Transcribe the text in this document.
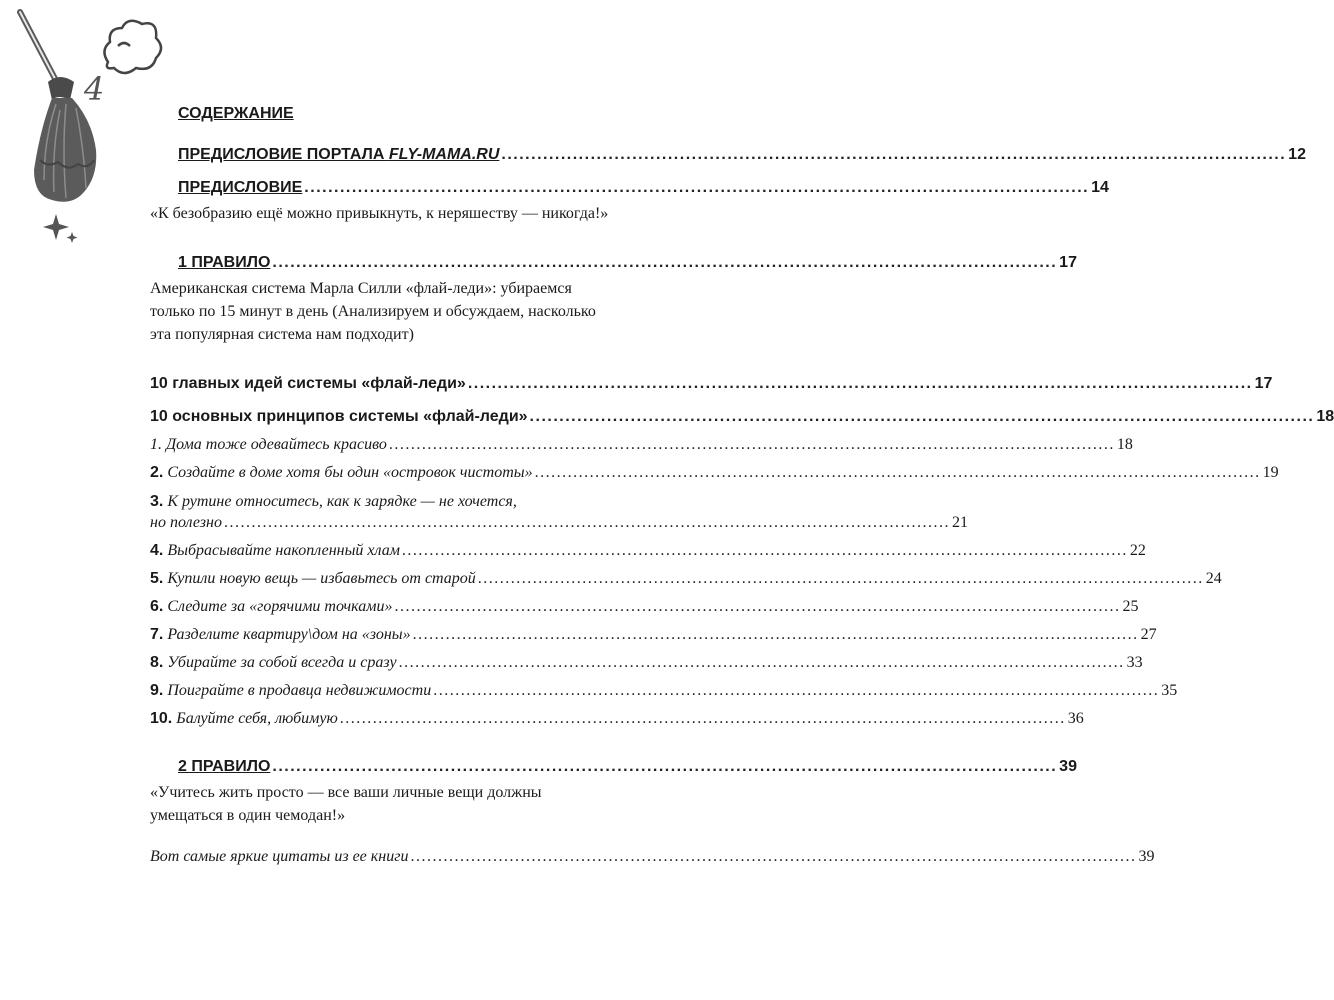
4
СОДЕРЖАНИЕ
ПРЕДИСЛОВИЕ ПОРТАЛА FLY-MAMA.RU .................................................................................................................................... 12
ПРЕДИСЛОВИЕ .................................................................................................................................... 14
«К безобразию ещё можно привыкнуть, к неряшеству — никогда!»
1 ПРАВИЛО .................................................................................................................................... 17
Американская система Марла Силли «флай-леди»: убираемся только по 15 минут в день (Анализируем и обсуждаем, насколько эта популярная система нам подходит)
10 главных идей системы «флай-леди» .................................................................................................................................... 17
10 основных принципов системы «флай-леди» .................................................................................................................................... 18
1. Дома тоже одевайтесь красиво .................................................................................................................................... 18
2. Создайте в доме хотя бы один «островок чистоты» .................................................................................................................................... 19
3. К рутине относитесь, как к зарядке — не хочется,
но полезно .................................................................................................................................... 21
4. Выбрасывайте накопленный хлам .................................................................................................................................... 22
5. Купили новую вещь — избавьтесь от старой .................................................................................................................................... 24
6. Следите за «горячими точками» .................................................................................................................................... 25
7. Разделите квартиру\дом на «зоны» .................................................................................................................................... 27
8. Убирайте за собой всегда и сразу .................................................................................................................................... 33
9. Поиграйте в продавца недвижимости .................................................................................................................................... 35
10. Балуйте себя, любимую .................................................................................................................................... 36
2 ПРАВИЛО .................................................................................................................................... 39
«Учитесь жить просто — все ваши личные вещи должны умещаться в один чемодан!»
Вот самые яркие цитаты из ее книги .................................................................................................................................... 39
